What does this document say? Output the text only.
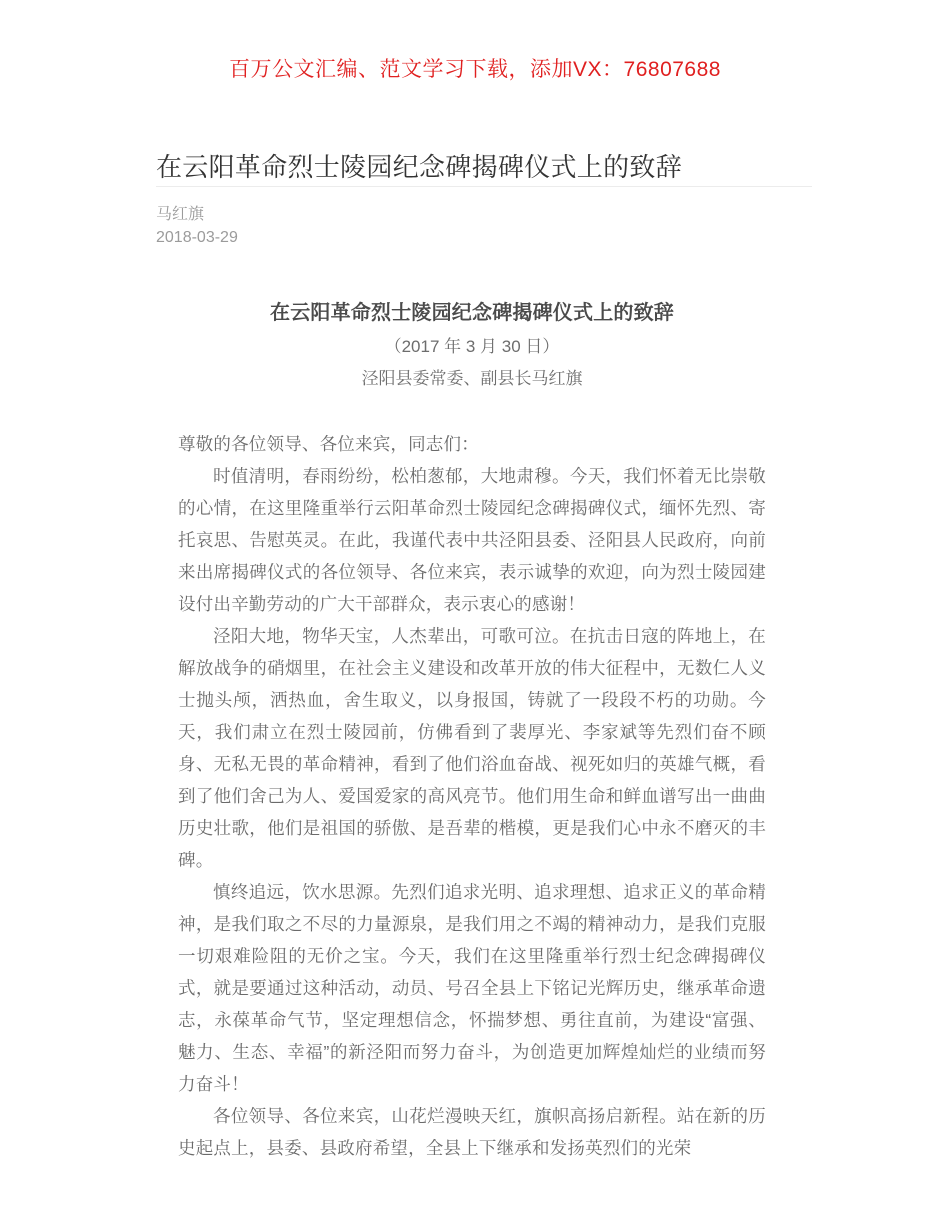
百万公文汇编、范文学习下载，添加VX：76807688
在云阳革命烈士陵园纪念碑揭碑仪式上的致辞
马红旗
2018-03-29
在云阳革命烈士陵园纪念碑揭碑仪式上的致辞
（2017 年 3 月 30 日）
泾阳县委常委、副县长马红旗

尊敬的各位领导、各位来宾，同志们：

时值清明，春雨纷纷，松柏葱郁，大地肃穆。今天，我们怀着无比崇敬的心情，在这里隆重举行云阳革命烈士陵园纪念碑揭碑仪式，缅怀先烈、寄托哀思、告慰英灵。在此，我谨代表中共泾阳县委、泾阳县人民政府，向前来出席揭碑仪式的各位领导、各位来宾，表示诚挚的欢迎，向为烈士陵园建设付出辛勤劳动的广大干部群众，表示衷心的感谢！

泾阳大地，物华天宝，人杰辈出，可歌可泣。在抗击日寇的阵地上，在解放战争的硝烟里，在社会主义建设和改革开放的伟大征程中，无数仁人义士抛头颅，洒热血，舍生取义，以身报国，铸就了一段段不朽的功勋。今天，我们肃立在烈士陵园前，仿佛看到了裴厚光、李家斌等先烈们奋不顾身、无私无畏的革命精神，看到了他们浴血奋战、视死如归的英雄气概，看到了他们舍己为人、爱国爱家的高风亮节。他们用生命和鲜血谱写出一曲曲历史壮歌，他们是祖国的骄傲、是吾辈的楷模，更是我们心中永不磨灭的丰碑。

慎终追远，饮水思源。先烈们追求光明、追求理想、追求正义的革命精神，是我们取之不尽的力量源泉，是我们用之不竭的精神动力，是我们克服一切艰难险阻的无价之宝。今天，我们在这里隆重举行烈士纪念碑揭碑仪式，就是要通过这种活动，动员、号召全县上下铭记光辉历史，继承革命遗志，永葆革命气节，坚定理想信念，怀揣梦想、勇往直前，为建设“富强、魅力、生态、幸福”的新泾阳而努力奋斗，为创造更加辉煌灿烂的业绩而努力奋斗！

各位领导、各位来宾，山花烂漫映天红，旗帜高扬启新程。站在新的历史起点上，县委、县政府希望，全县上下继承和发扬英烈们的光荣
